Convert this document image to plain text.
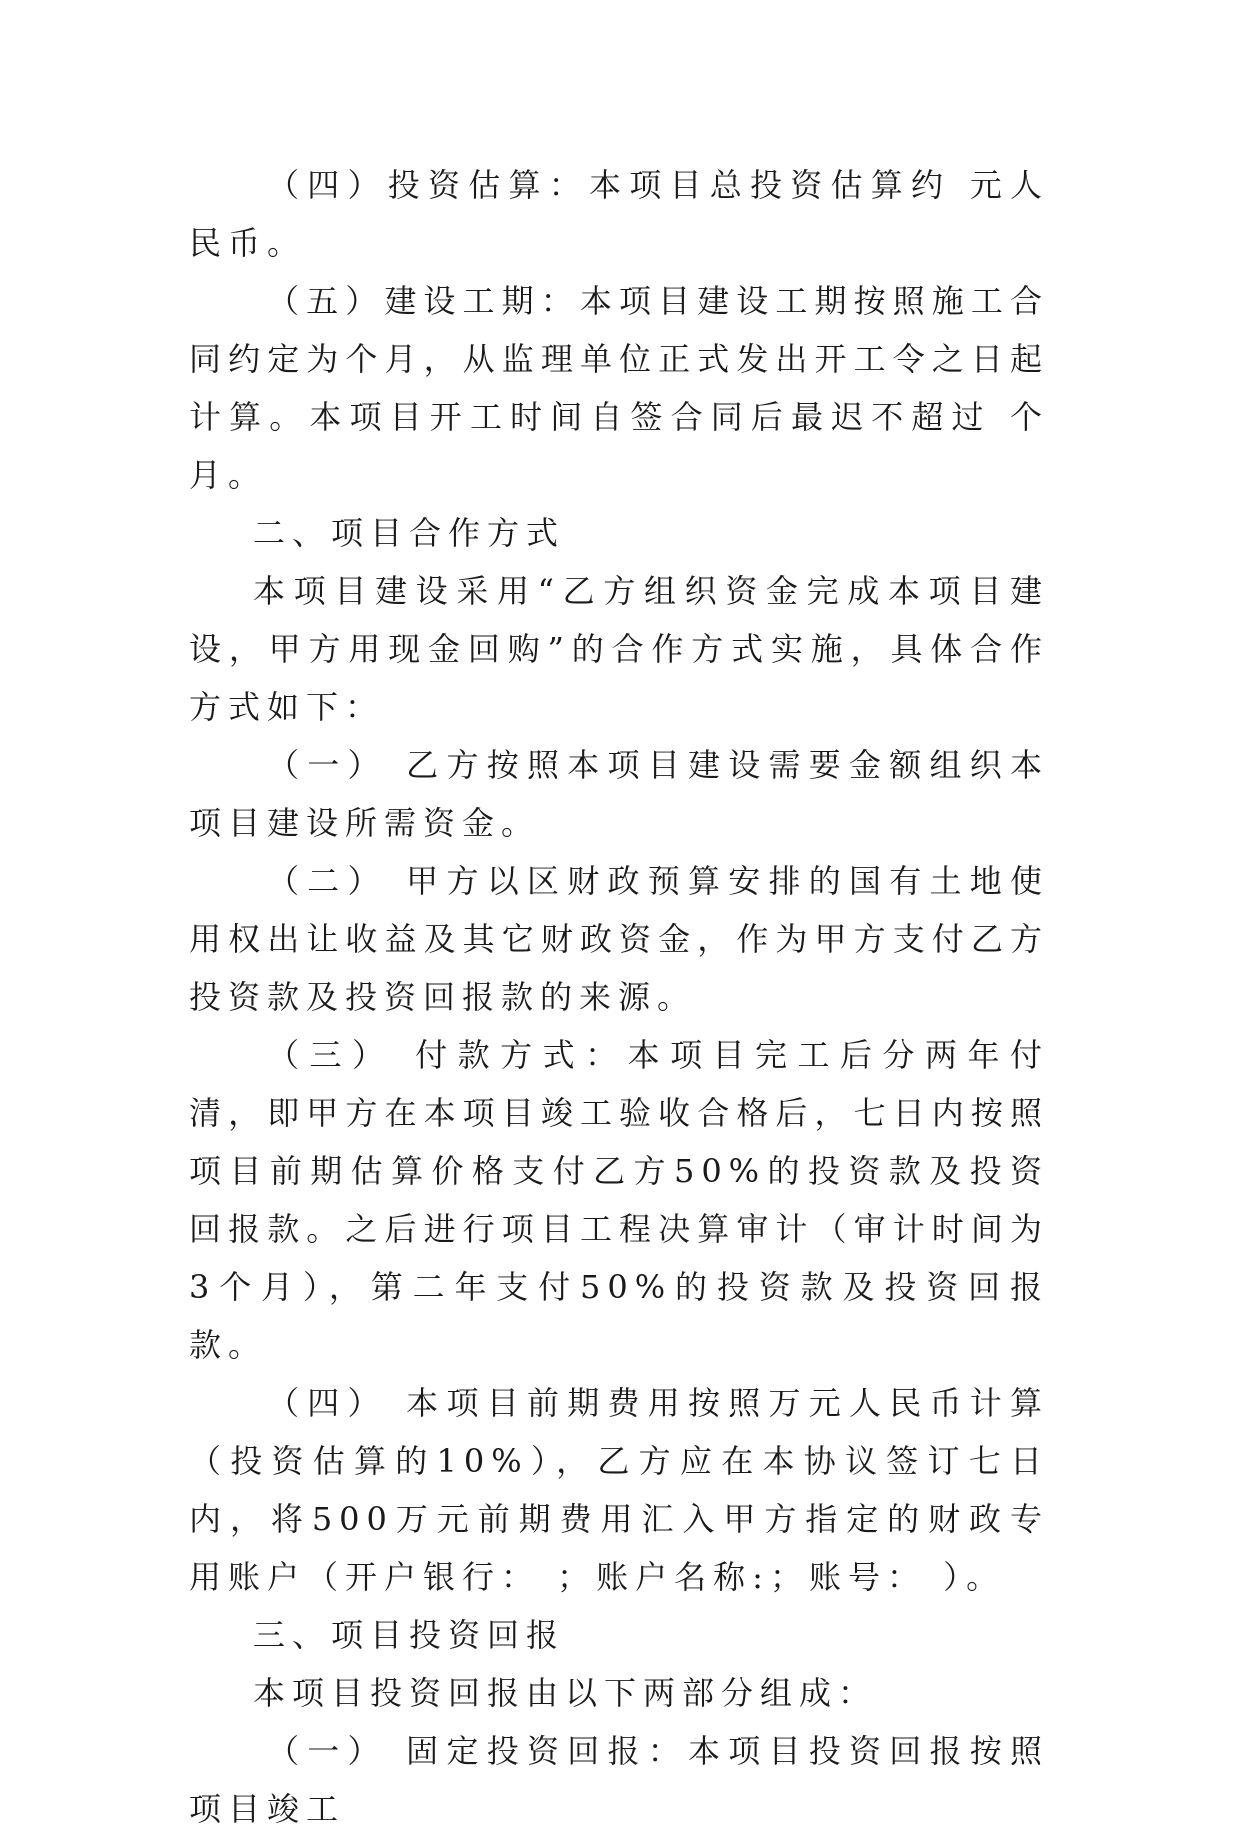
（四）投资估算：本项目总投资估算约 元人民币。

（五）建设工期：本项目建设工期按照施工合同约定为个月，从监理单位正式发出开工令之日起计算。本项目开工时间自签合同后最迟不超过 个月。

二、项目合作方式

本项目建设采用“乙方组织资金完成本项目建设，甲方用现金回购”的合作方式实施，具体合作方式如下：

（一） 乙方按照本项目建设需要金额组织本项目建设所需资金。

（二） 甲方以区财政预算安排的国有土地使用权出让收益及其它财政资金，作为甲方支付乙方投资款及投资回报款的来源。

（三） 付款方式：本项目完工后分两年付清，即甲方在本项目竣工验收合格后，七日内按照项目前期估算价格支付乙方50%的投资款及投资回报款。之后进行项目工程决算审计（审计时间为3个月），第二年支付50%的投资款及投资回报款。

（四） 本项目前期费用按照万元人民币计算（投资估算的10%），乙方应在本协议签订七日内，将500万元前期费用汇入甲方指定的财政专用账户（开户银行： ；账户名称:；账号： ）。

三、项目投资回报

本项目投资回报由以下两部分组成：

（一） 固定投资回报：本项目投资回报按照项目竣工
